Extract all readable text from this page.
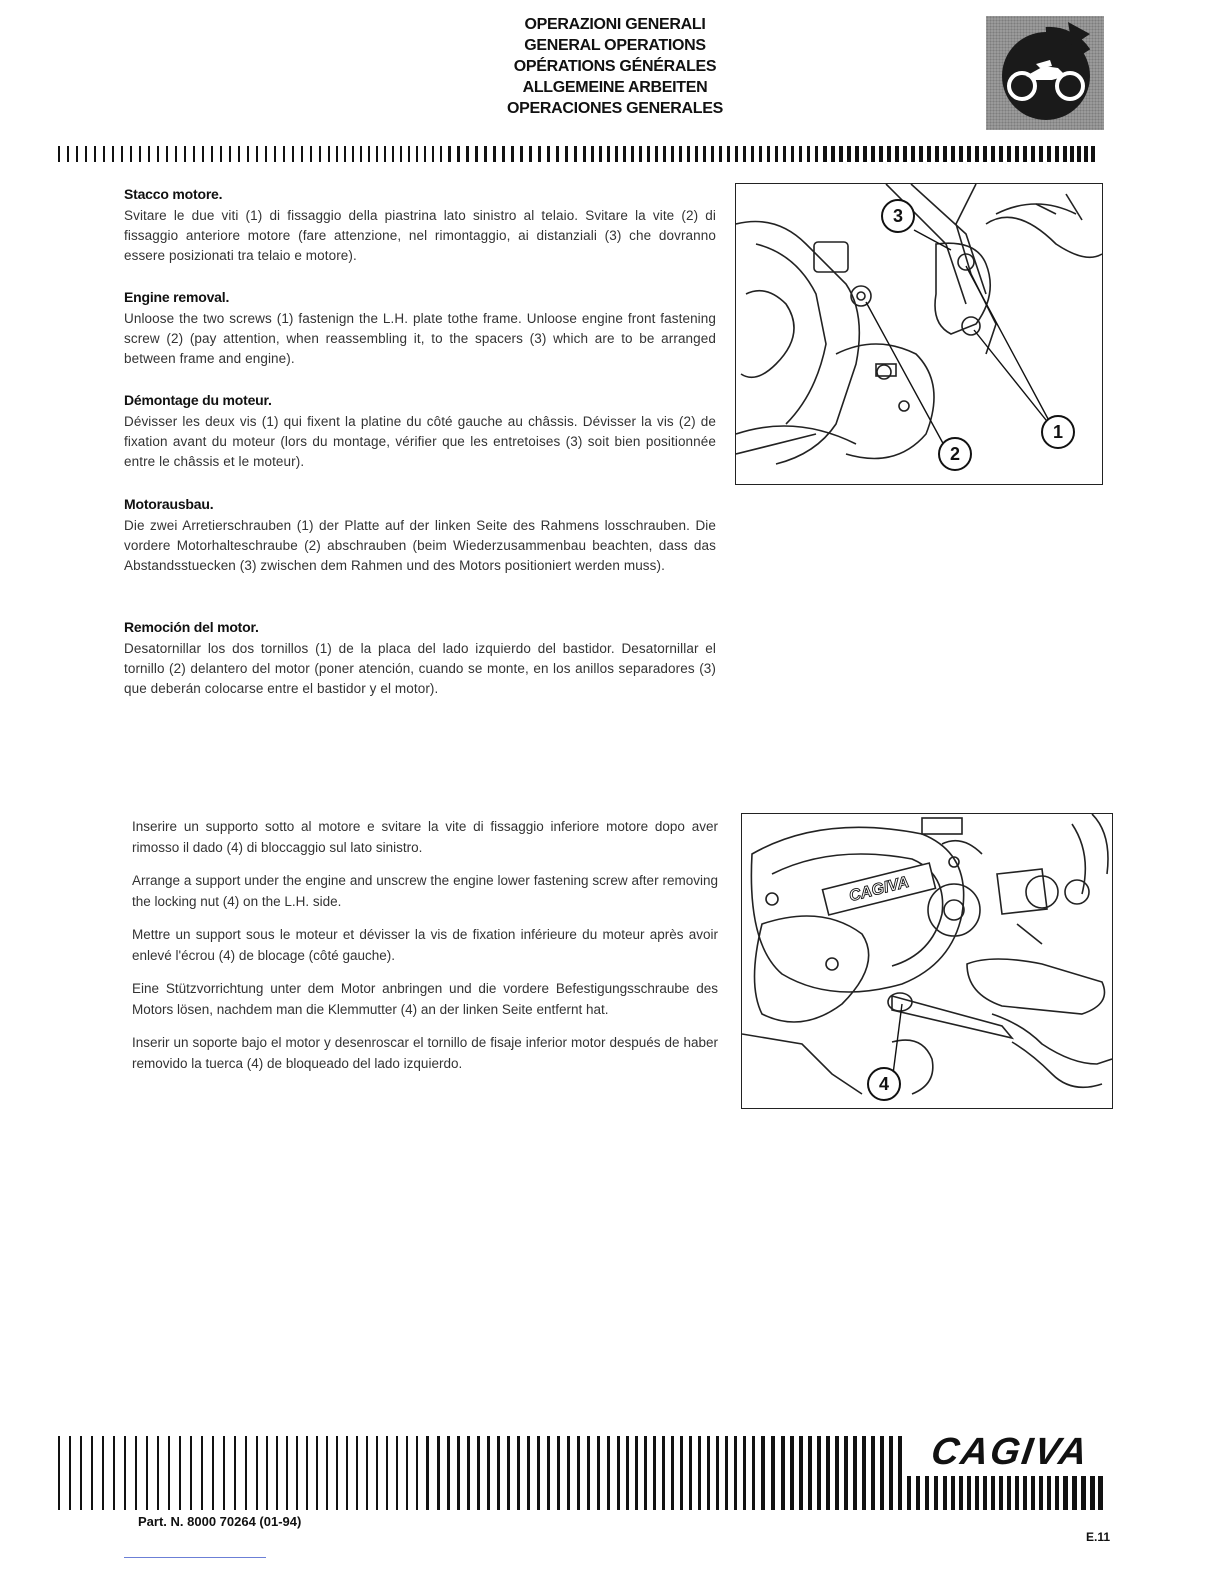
OPERAZIONI GENERALI
GENERAL OPERATIONS
OPÉRATIONS GÉNÉRALES
ALLGEMEINE ARBEITEN
OPERACIONES GENERALES
Stacco motore.

Svitare le due viti (1) di fissaggio della piastrina lato sinistro al telaio. Svitare la vite (2) di fissaggio anteriore motore (fare attenzione, nel rimontaggio, ai distanziali (3) che dovranno essere posizionati tra telaio e motore).

Engine removal.

Unloose the two screws (1) fastenign the L.H. plate tothe frame. Unloose engine front fastening screw (2) (pay attention, when reassembling it, to the spacers (3) which are to be arranged between frame and engine).

Démontage du moteur.

Dévisser les deux vis (1) qui fixent la platine du côté gauche au châssis. Dévisser la vis (2) de fixation avant du moteur (lors du montage, vérifier que les entretoises (3) soit bien positionnée entre le châssis et le moteur).

Motorausbau.

Die zwei Arretierschrauben (1) der Platte auf der linken Seite des Rahmens losschrauben. Die vordere Motorhalteschraube (2) abschrauben (beim Wiederzusammenbau beachten, dass das Abstandsstuecken (3) zwischen dem Rahmen und des Motors positioniert werden muss).

Remoción del motor.

Desatornillar los dos tornillos (1) de la placa del lado izquierdo del bastidor. Desatornillar el tornillo (2) delantero del motor (poner atención, cuando se monte, en los anillos separadores (3) que deberán colocarse entre el bastidor y el motor).

3
2
1

Inserire un supporto sotto al motore e svitare la vite di fissaggio inferiore motore dopo aver rimosso il dado (4) di bloccaggio sul lato sinistro.

Arrange a support under the engine and unscrew the engine lower fastening screw after removing the locking nut (4) on the L.H. side.

Mettre un support sous le moteur et dévisser la vis de fixation inférieure du moteur après avoir enlevé l'écrou (4) de blocage (côté gauche).

Eine Stützvorrichtung unter dem Motor anbringen und die vordere Befestigungsschraube des Motors lösen, nachdem man die Klemmutter (4) an der linken Seite entfernt hat.

Inserir un soporte bajo el motor y desenroscar el tornillo de fisaje inferior motor después de haber removido la tuerca (4) de bloqueado del lado izquierdo.

CAGIVA
4
CAGIVA
Part. N. 8000 70264 (01-94)
E.11
